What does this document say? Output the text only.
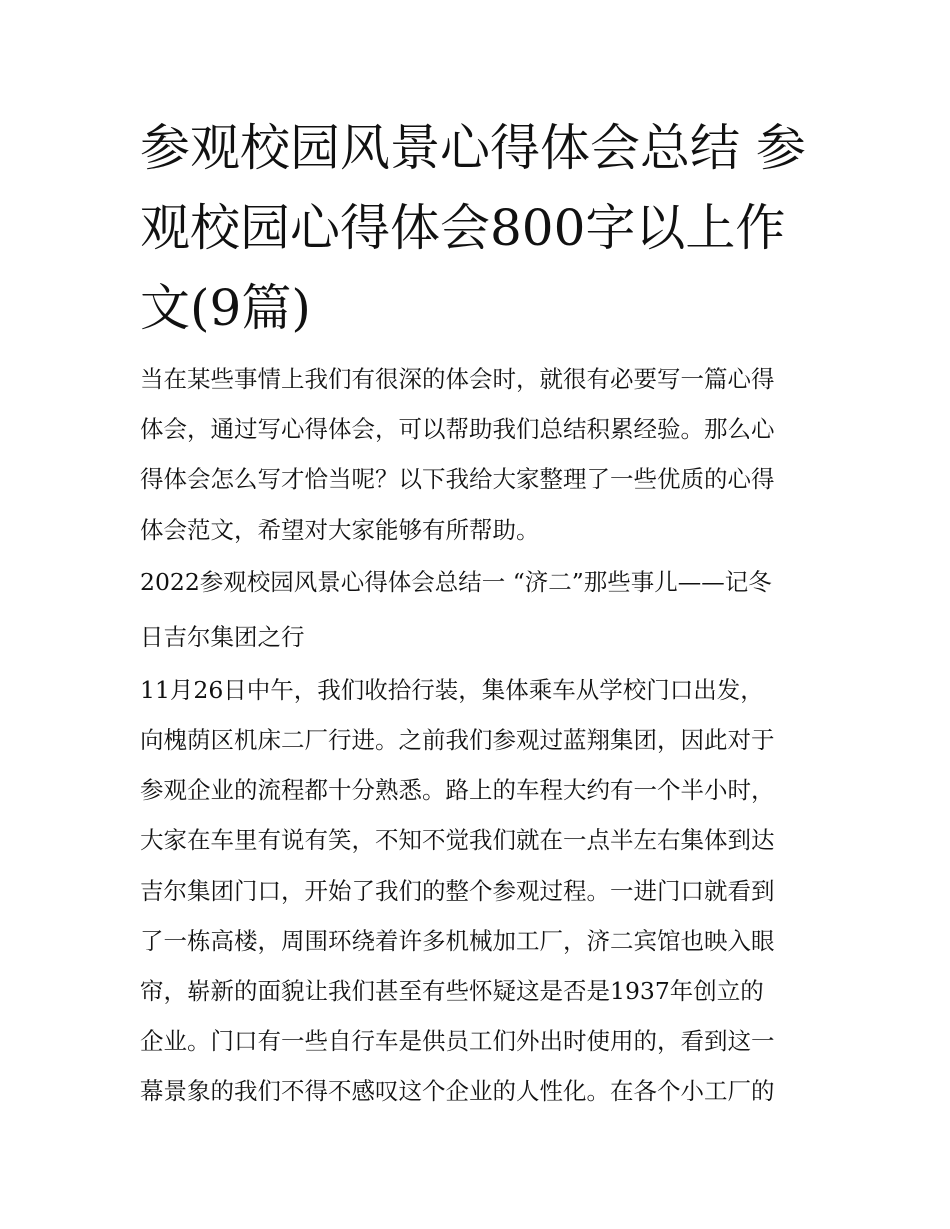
参观校园风景心得体会总结 参
观校园心得体会800字以上作
文(9篇)
当在某些事情上我们有很深的体会时，就很有必要写一篇心得
体会，通过写心得体会，可以帮助我们总结积累经验。那么心
得体会怎么写才恰当呢？以下我给大家整理了一些优质的心得
体会范文，希望对大家能够有所帮助。
2022参观校园风景心得体会总结一 “济二”那些事儿——记冬
日吉尔集团之行
11月26日中午，我们收拾行装，集体乘车从学校门口出发，
向槐荫区机床二厂行进。之前我们参观过蓝翔集团，因此对于
参观企业的流程都十分熟悉。路上的车程大约有一个半小时，
大家在车里有说有笑，不知不觉我们就在一点半左右集体到达
吉尔集团门口，开始了我们的整个参观过程。一进门口就看到
了一栋高楼，周围环绕着许多机械加工厂，济二宾馆也映入眼
帘，崭新的面貌让我们甚至有些怀疑这是否是1937年创立的
企业。门口有一些自行车是供员工们外出时使用的，看到这一
幕景象的我们不得不感叹这个企业的人性化。在各个小工厂的
